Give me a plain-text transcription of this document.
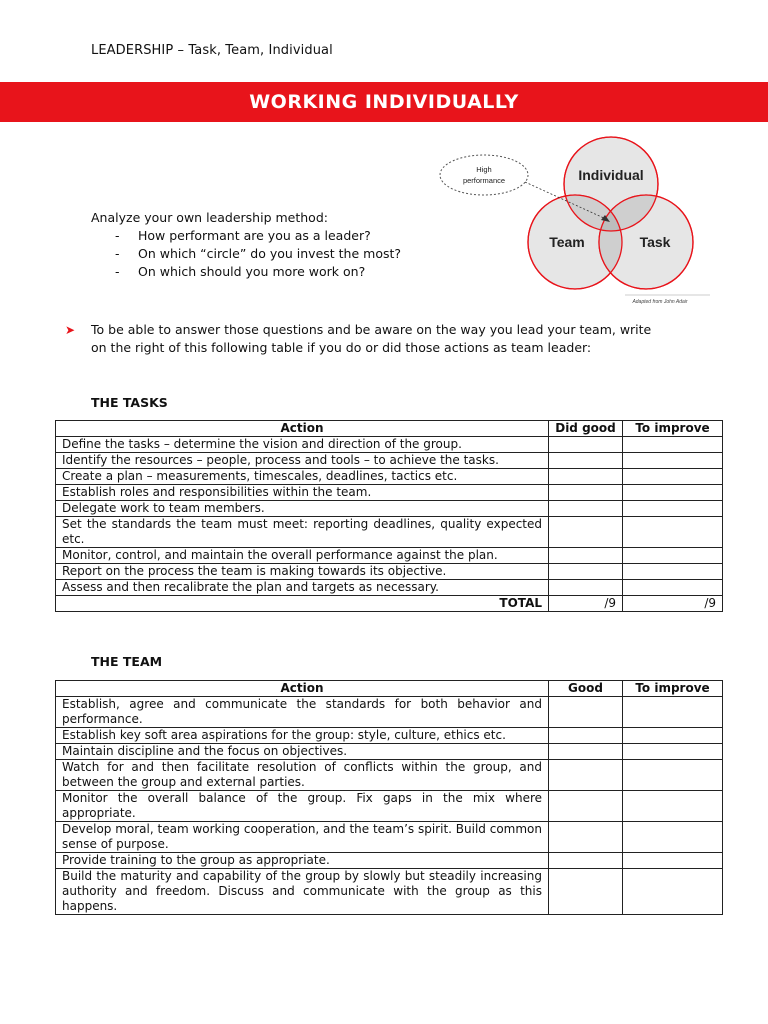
LEADERSHIP – Task, Team, Individual
WORKING INDIVIDUALLY
Analyze your own leadership method:
- How performant are you as a leader?
- On which “circle” do you invest the most?
- On which should you more work on?
High
performance	Individual
Team	Task
Adapted from John Adair
➤	To be able to answer those questions and be aware on the way you lead your team, write
on the right of this following table if you do or did those actions as team leader:
THE TASKS
Action	Did good	To improve
Define the tasks – determine the vision and direction of the group.		
Identify the resources – people, process and tools – to achieve the tasks.		
Create a plan – measurements, timescales, deadlines, tactics etc.		
Establish roles and responsibilities within the team.		
Delegate work to team members.		
Set the standards the team must meet: reporting deadlines, quality expected etc.		
Monitor, control, and maintain the overall performance against the plan.		
Report on the process the team is making towards its objective.		
Assess and then recalibrate the plan and targets as necessary.		
TOTAL	/9	/9
THE TEAM
Action	Good	To improve
Establish, agree and communicate the standards for both behavior and performance.		
Establish key soft area aspirations for the group: style, culture, ethics etc.		
Maintain discipline and the focus on objectives.		
Watch for and then facilitate resolution of conflicts within the group, and between the group and external parties.		
Monitor the overall balance of the group. Fix gaps in the mix where appropriate.		
Develop moral, team working cooperation, and the team’s spirit. Build common sense of purpose.		
Provide training to the group as appropriate.		
Build the maturity and capability of the group by slowly but steadily increasing authority and freedom. Discuss and communicate with the group as this happens.		
